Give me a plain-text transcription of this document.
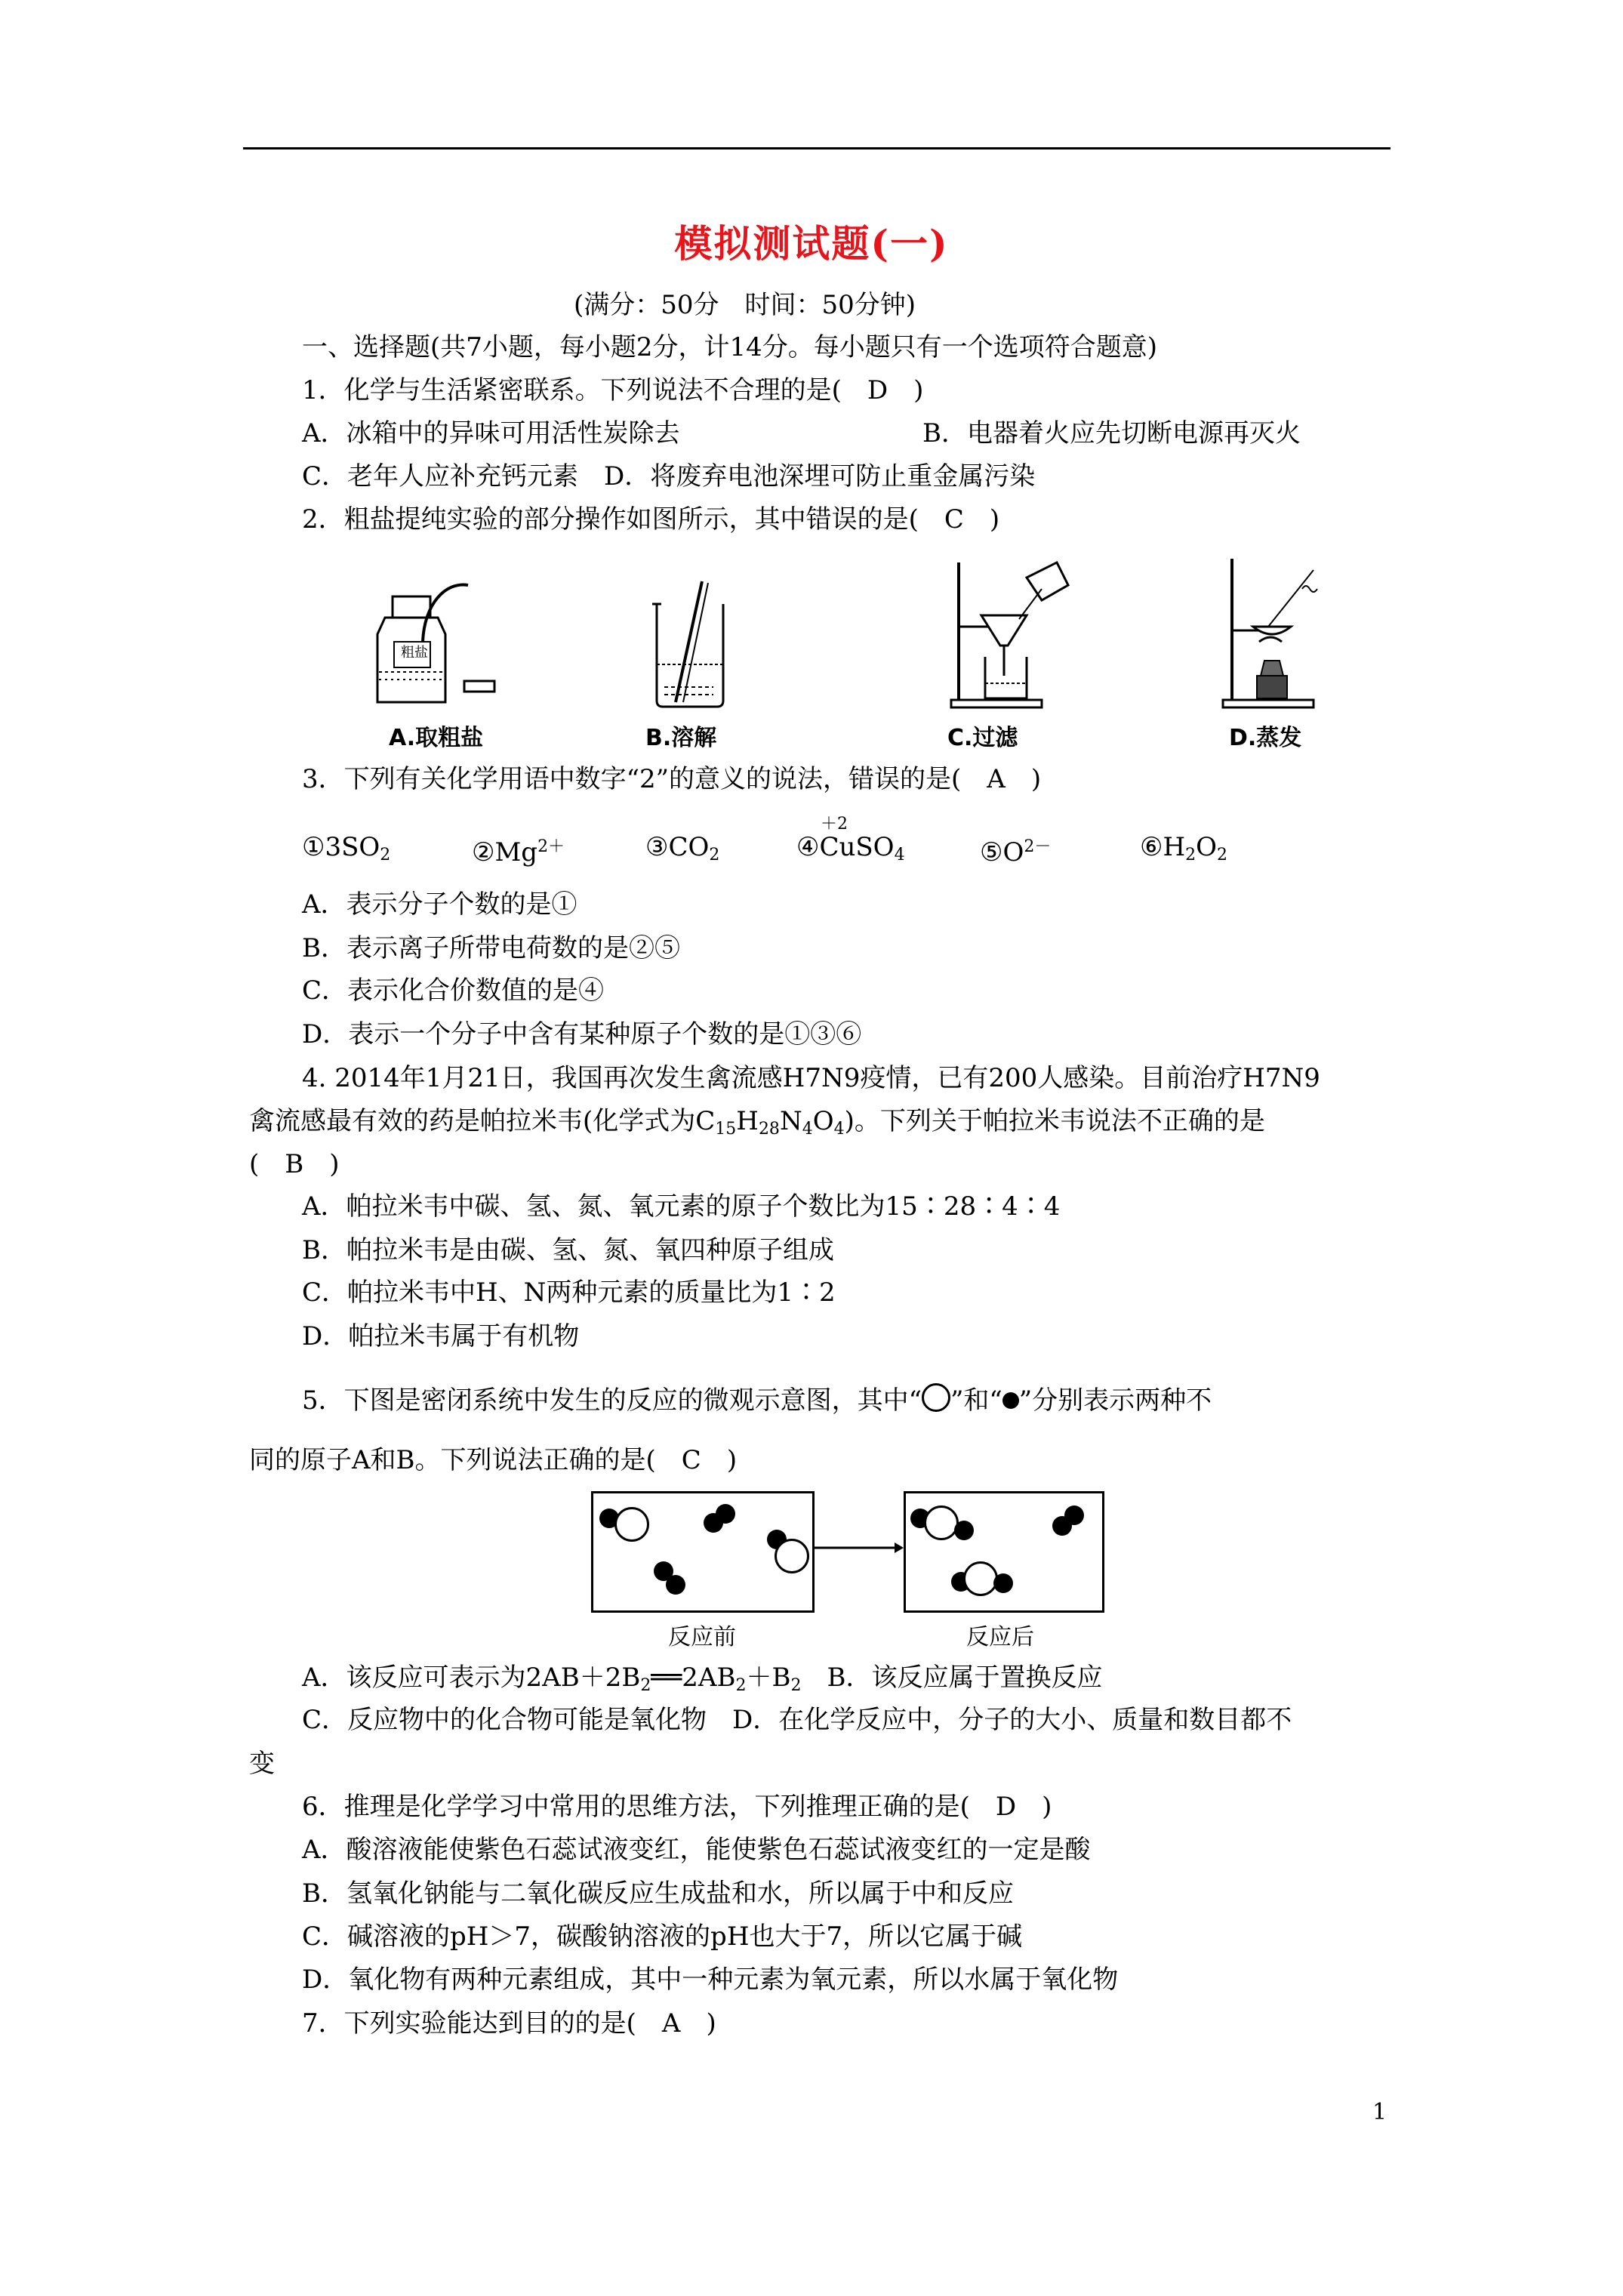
模拟测试题(一)
(满分：50分　时间：50分钟)
一、选择题(共7小题，每小题2分，计14分。每小题只有一个选项符合题意)
1．化学与生活紧密联系。下列说法不合理的是(　D　)
A．冰箱中的异味可用活性炭除去	B．电器着火应先切断电源再灭火
C．老年人应补充钙元素　D．将废弃电池深埋可防止重金属污染
2．粗盐提纯实验的部分操作如图所示，其中错误的是(　C　)
粗盐
A.取粗盐	B.溶解	C.过滤	D.蒸发
3．下列有关化学用语中数字“2”的意义的说法，错误的是(　A　)
＋2
$①3SO_2$	$②Mg^{2+}$	$③CO_2$	④CuSO$_4$	$⑤O^{2-}$	$⑥H_2O_2$
A．表示分子个数的是①
B．表示离子所带电荷数的是②⑤
C．表示化合价数值的是④
D．表示一个分子中含有某种原子个数的是①③⑥
4. 2014年1月21日，我国再次发生禽流感H7N9疫情，已有200人感染。目前治疗H7N9
禽流感最有效的药是帕拉米韦(化学式为$C_{15}H_{28}N_4O_4$)。下列关于帕拉米韦说法不正确的是
(　B　)
A．帕拉米韦中碳、氢、氮、氧元素的原子个数比为15∶28∶4∶4
B．帕拉米韦是由碳、氢、氮、氧四种原子组成
C．帕拉米韦中H、N两种元素的质量比为1∶2
D．帕拉米韦属于有机物
5．下图是密闭系统中发生的反应的微观示意图，其中“ ”和“ ”分别表示两种不
同的原子A和B。下列说法正确的是(　C　)
反应前	反应后
A．该反应可表示为$2AB+2B_2══2AB_2+B_2$　B．该反应属于置换反应
C．反应物中的化合物可能是氧化物　D．在化学反应中，分子的大小、质量和数目都不
变
6．推理是化学学习中常用的思维方法，下列推理正确的是(　D　)
A．酸溶液能使紫色石蕊试液变红，能使紫色石蕊试液变红的一定是酸
B．氢氧化钠能与二氧化碳反应生成盐和水，所以属于中和反应
C．碱溶液的pH＞7，碳酸钠溶液的pH也大于7，所以它属于碱
D．氧化物有两种元素组成，其中一种元素为氧元素，所以水属于氧化物
7．下列实验能达到目的的是(　A　)
1
